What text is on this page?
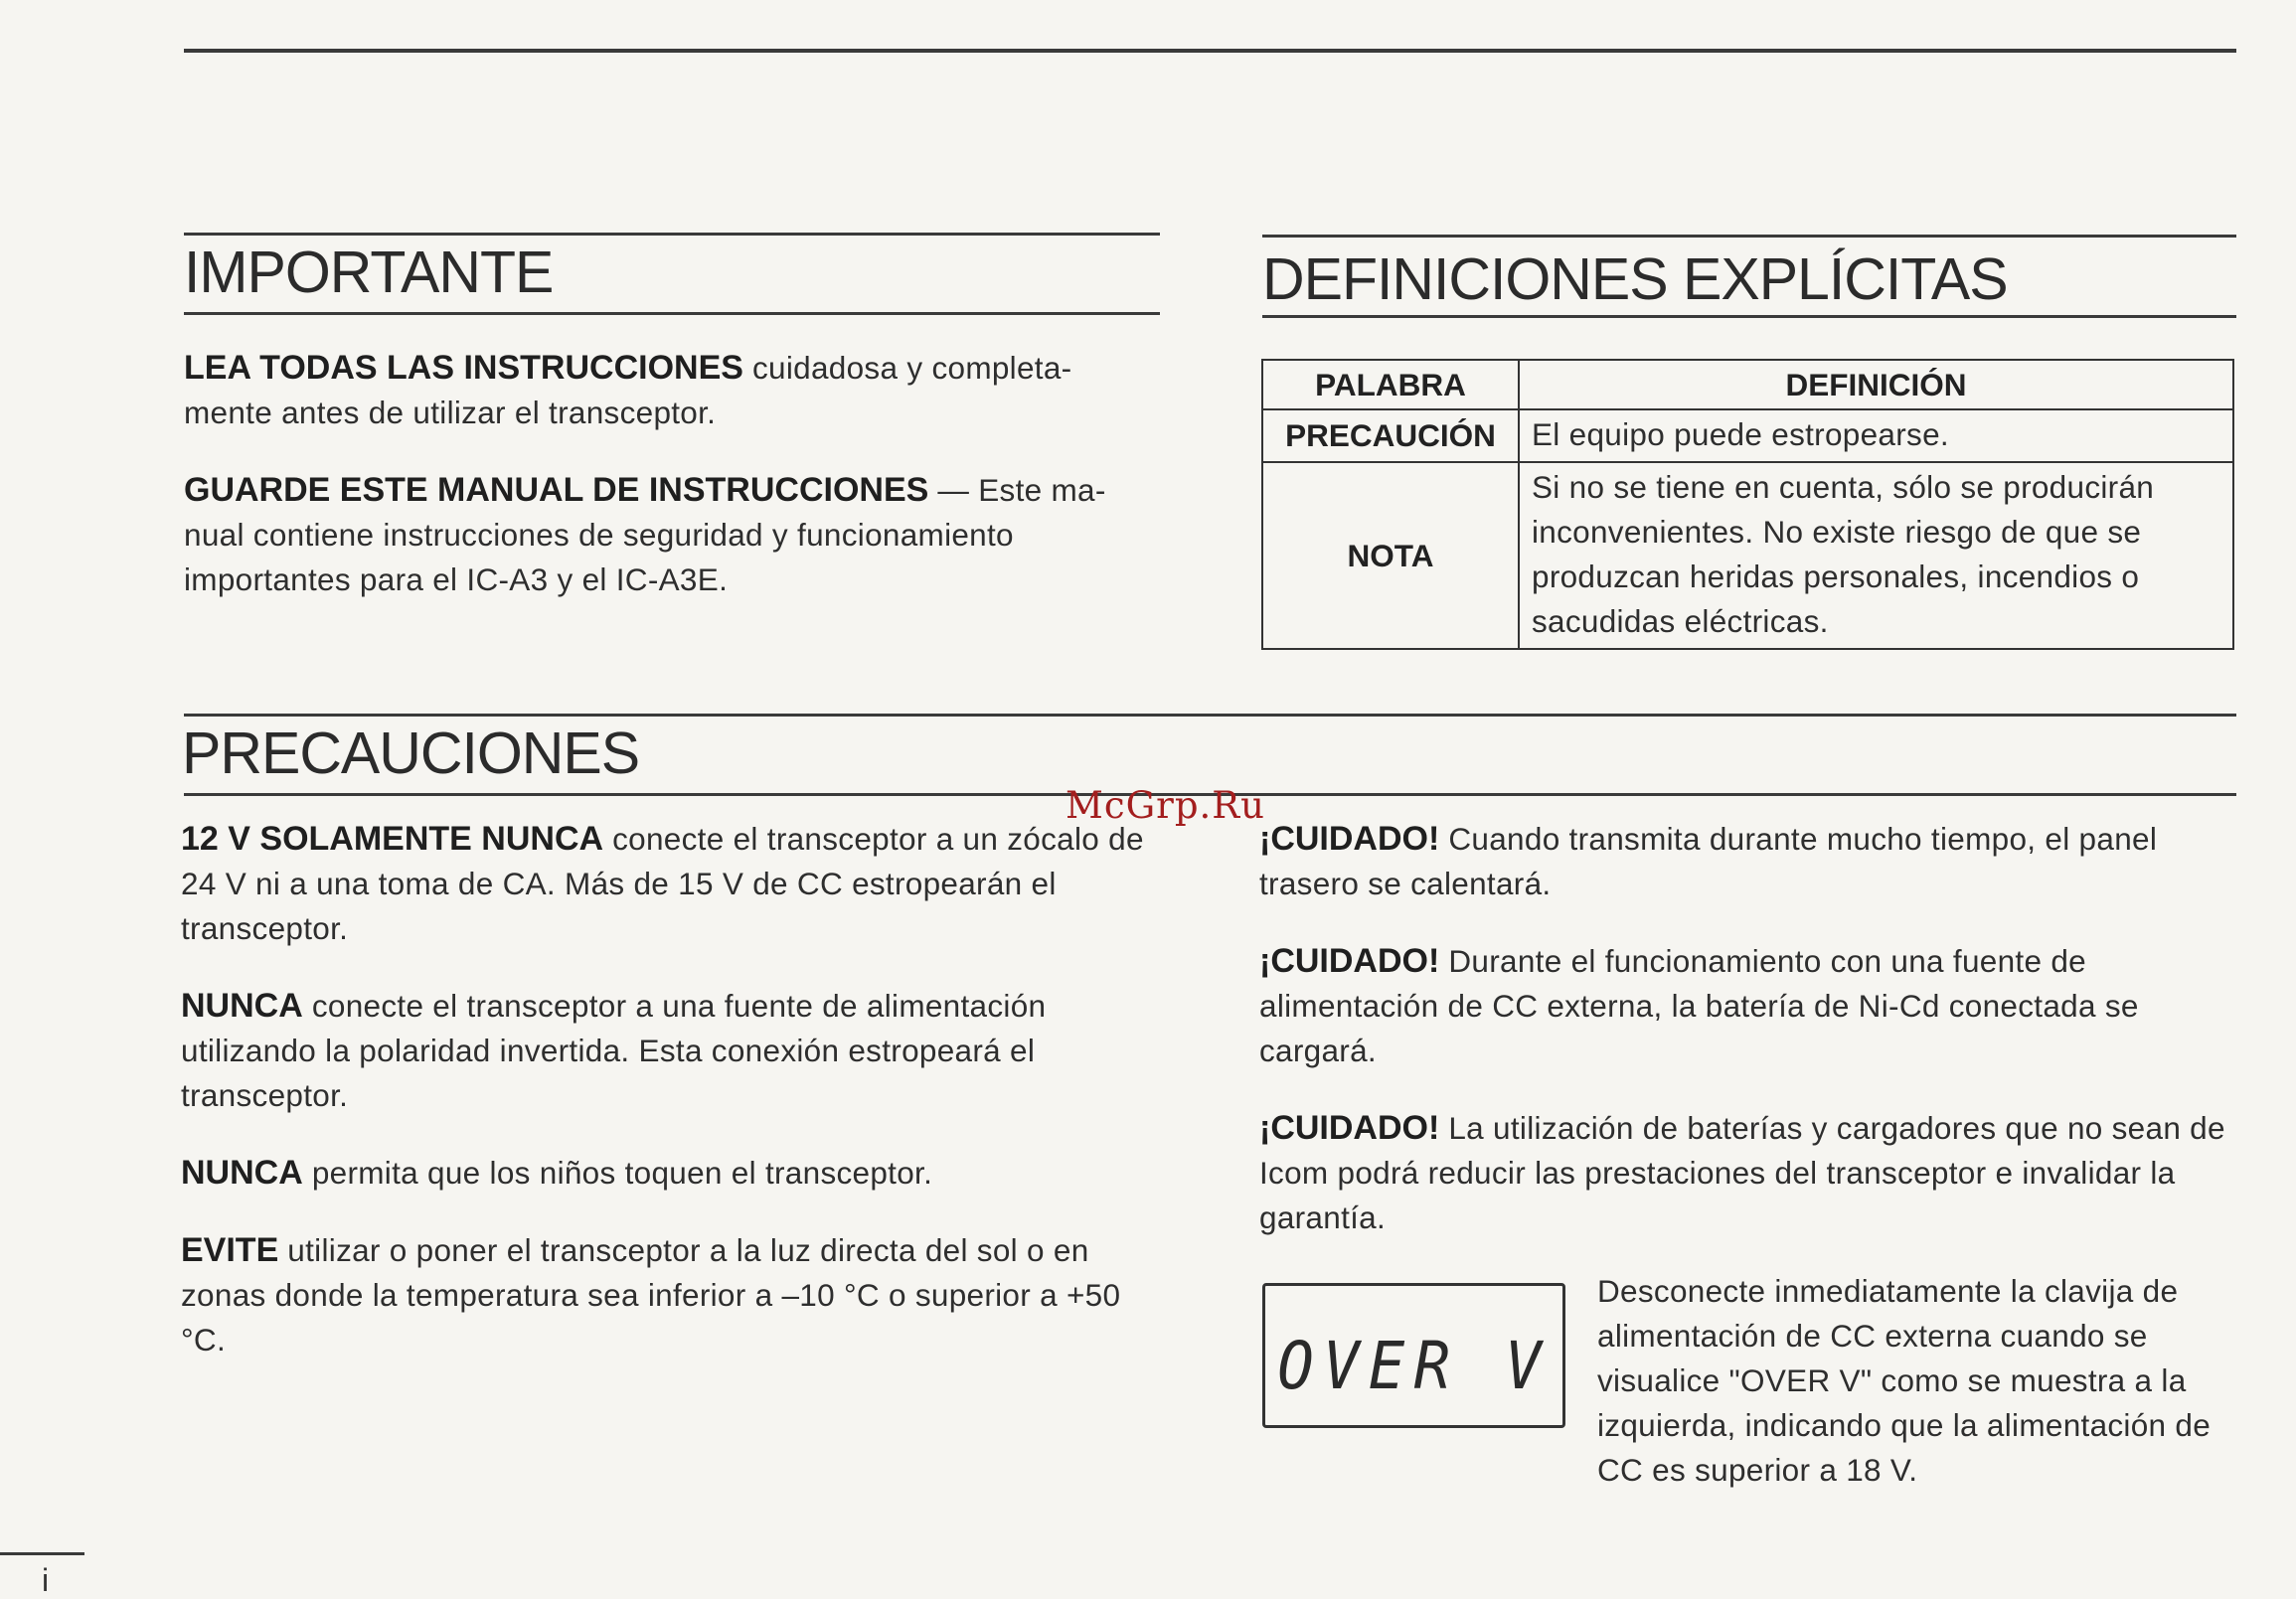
IMPORTANTE

LEA TODAS LAS INSTRUCCIONES cuidadosa y completa-mente antes de utilizar el transceptor.

GUARDE ESTE MANUAL DE INSTRUCCIONES — Este ma-nual contiene instrucciones de seguridad y funcionamiento importantes para el IC-A3 y el IC-A3E.

DEFINICIONES EXPLÍCITAS
PALABRA	DEFINICIÓN
PRECAUCIÓN	El equipo puede estropearse.
NOTA	Si no se tiene en cuenta, sólo se producirán inconvenientes. No existe riesgo de que se produzcan heridas personales, incendios o sacudidas eléctricas.
PRECAUCIONES
McGrp.Ru

12 V SOLAMENTE NUNCA conecte el transceptor a un zócalo de 24 V ni a una toma de CA. Más de 15 V de CC estropearán el transceptor.

NUNCA conecte el transceptor a una fuente de alimentación utilizando la polaridad invertida. Esta conexión estropeará el transceptor.

NUNCA permita que los niños toquen el transceptor.

EVITE utilizar o poner el transceptor a la luz directa del sol o en zonas donde la temperatura sea inferior a –10 °C o superior a +50 °C.

¡CUIDADO! Cuando transmita durante mucho tiempo, el panel trasero se calentará.

¡CUIDADO! Durante el funcionamiento con una fuente de alimentación de CC externa, la batería de Ni-Cd conectada se cargará.

¡CUIDADO! La utilización de baterías y cargadores que no sean de Icom podrá reducir las prestaciones del transceptor e invalidar la garantía.

OVER V
Desconecte inmediatamente la clavija de alimentación de CC externa cuando se visualice "OVER V" como se muestra a la izquierda, indicando que la alimentación de CC es superior a 18 V.
i
